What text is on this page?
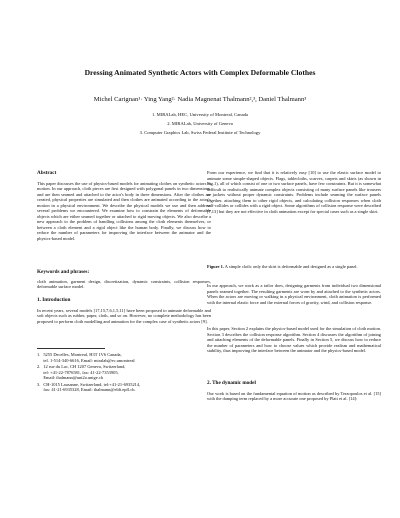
Dressing Animated Synthetic Actors with Complex Deformable Clothes
Michel Carignan¹· Ying Yang²· Nadia Magnenat Thalmann²,³, Daniel Thalmann³
1. MIRALab, HEC, University of Montreal, Canada
2. MIRALab, University of Geneva
3. Computer Graphics Lab, Swiss Federal Institute of Technology

Abstract

This paper discusses the use of physics-based models for animating clothes on synthetic actors in motion. In our approach, cloth pieces are first designed with polygonal panels in two dimensions, and are then seamed and attached to the actor's body in three dimensions. After the clothes are created, physical properties are simulated and then clothes are animated according to the actor's motion in a physical environment. We describe the physical models we use and then address several problems we encountered. We examine how to constrain the elements of deformable objects which are either seamed together or attached to rigid moving objects. We also describe a new approach to the problem of handling collisions among the cloth elements themselves, or between a cloth element and a rigid object like the human body. Finally, we discuss how to reduce the number of parameters for improving the interface between the animator and the physics-based model.

Keywords and phrases:

cloth animation, garment design, discretization, dynamic constraints, collision responses, deformable surface model.

1. Introduction

In recent years, several models [17,15,7,6,1,5,11] have been proposed to animate deformable and soft objects such as rubber, paper, cloth, and so on. However, no complete methodology has been proposed to perform cloth modelling and animation for the complex case of synthetic actors [9].

1. 5255 Decelles, Montreal, H3T 1V6 Canada,
tel. 1-514-340-6616, Email: miralab@ec.umontreal
2. 12 rue du Lac, CH 1207 Geneva, Switzerland,
tel: +41-22-7876581, fax: 41-22-7353905,
Email: thalmann@uni2a.unige.ch
3. CH-1015 Lausanne, Switzerland, tel:+41-21-6935214,
fax: 41-21-6935328, Email: thalmann@eldi.epfl.ch.

From our experience, we find that it is relatively easy [10] to use the elastic surface model to animate some simple-shaped objects. Flags, tablecloths, scarves, carpets and skirts (as shown in Fig.1), all of which consist of one or two surface panels, have few constraints. But it is somewhat difficult to realistically animate complex objects consisting of many surface panels like trousers or jackets without proper dynamic constraints. Problems include seaming the surface panels together, attaching them to other rigid objects, and calculating collision responses when cloth self-collides or collides with a rigid object. Some algorithms of collision response were described [7,13] but they are not effective in cloth animation except for special cases such as a single skirt.

Figure 1. A simple cloth: only the skirt is deformable and designed as a single panel.

In our approach, we work as a tailor does, designing garments from individual two dimensional panels seamed together. The resulting garments are worn by and attached to the synthetic actors. When the actors are moving or walking in a physical environment, cloth animation is performed with the internal elastic force and the external forces of gravity, wind, and collision response.

In this paper, Section 2 explains the physics-based model used for the simulation of cloth motion. Section 3 describes the collision response algorithm. Section 4 discusses the algorithm of joining and attaching elements of the deformable panels. Finally in Section 5, we discuss how to reduce the number of parameters and how to choose values which provide realism and mathematical stability, thus improving the interface between the animator and the physics-based model.

2. The dynamic model

Our work is based on the fundamental equation of motion as described by Terzopoulos et al. [15] with the damping term replaced by a more accurate one proposed by Platt et al. [14]:
